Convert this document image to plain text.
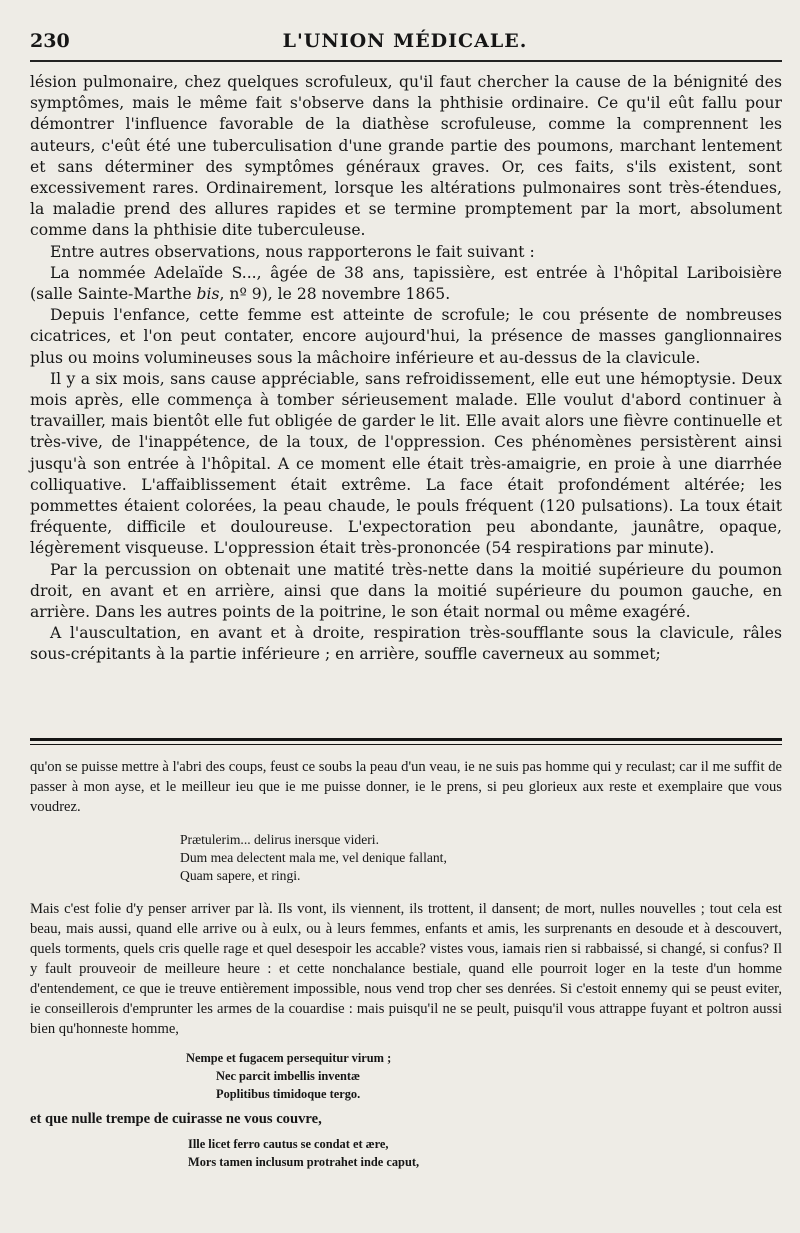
230	L'UNION MÉDICALE.

lésion pulmonaire, chez quelques scrofuleux, qu'il faut chercher la cause de la bénignité des symptômes, mais le même fait s'observe dans la phthisie ordinaire. Ce qu'il eût fallu pour démontrer l'influence favorable de la diathèse scrofuleuse, comme la comprennent les auteurs, c'eût été une tuberculisation d'une grande partie des poumons, marchant lentement et sans déterminer des symptômes généraux graves. Or, ces faits, s'ils existent, sont excessivement rares. Ordinairement, lorsque les altérations pulmonaires sont très-étendues, la maladie prend des allures rapides et se termine promptement par la mort, absolument comme dans la phthisie dite tuberculeuse.

Entre autres observations, nous rapporterons le fait suivant :

La nommée Adelaïde S..., âgée de 38 ans, tapissière, est entrée à l'hôpital Lariboisière (salle Sainte-Marthe bis, nº 9), le 28 novembre 1865.

Depuis l'enfance, cette femme est atteinte de scrofule; le cou présente de nombreuses cicatrices, et l'on peut contater, encore aujourd'hui, la présence de masses ganglionnaires plus ou moins volumineuses sous la mâchoire inférieure et au-dessus de la clavicule.

Il y a six mois, sans cause appréciable, sans refroidissement, elle eut une hémoptysie. Deux mois après, elle commença à tomber sérieusement malade. Elle voulut d'abord continuer à travailler, mais bientôt elle fut obligée de garder le lit. Elle avait alors une fièvre continuelle et très-vive, de l'inappétence, de la toux, de l'oppression. Ces phénomènes persistèrent ainsi jusqu'à son entrée à l'hôpital. A ce moment elle était très-amaigrie, en proie à une diarrhée colliquative. L'affaiblissement était extrême. La face était profondément altérée; les pommettes étaient colorées, la peau chaude, le pouls fréquent (120 pulsations). La toux était fréquente, difficile et douloureuse. L'expectoration peu abondante, jaunâtre, opaque, légèrement visqueuse. L'oppression était très-prononcée (54 respirations par minute).

Par la percussion on obtenait une matité très-nette dans la moitié supérieure du poumon droit, en avant et en arrière, ainsi que dans la moitié supérieure du poumon gauche, en arrière. Dans les autres points de la poitrine, le son était normal ou même exagéré.

A l'auscultation, en avant et à droite, respiration très-soufflante sous la clavicule, râles sous-crépitants à la partie inférieure ; en arrière, souffle caverneux au sommet;

qu'on se puisse mettre à l'abri des coups, feust ce soubs la peau d'un veau, ie ne suis pas homme qui y reculast; car il me suffit de passer à mon ayse, et le meilleur ieu que ie me puisse donner, ie le prens, si peu glorieux aux reste et exemplaire que vous voudrez.

Prætulerim... delirus inersque videri.
Dum mea delectent mala me, vel denique fallant,
Quam sapere, et ringi.

Mais c'est folie d'y penser arriver par là. Ils vont, ils viennent, ils trottent, il dansent; de mort, nulles nouvelles ; tout cela est beau, mais aussi, quand elle arrive ou à eulx, ou à leurs femmes, enfants et amis, les surprenants en desoude et à descouvert, quels torments, quels cris quelle rage et quel desespoir les accable? vistes vous, iamais rien si rabbaissé, si changé, si confus? Il y fault prouveoir de meilleure heure : et cette nonchalance bestiale, quand elle pourroit loger en la teste d'un homme d'entendement, ce que ie treuve entièrement impossible, nous vend trop cher ses denrées. Si c'estoit ennemy qui se peust eviter, ie conseillerois d'emprunter les armes de la couardise : mais puisqu'il ne se peult, puisqu'il vous attrappe fuyant et poltron aussi bien qu'honneste homme,

Nempe et fugacem persequitur virum ;
Nec parcit imbellis inventæ
Poplitibus timidoque tergo.

et que nulle trempe de cuirasse ne vous couvre,

Ille licet ferro cautus se condat et ære,
Mors tamen inclusum protrahet inde caput,
